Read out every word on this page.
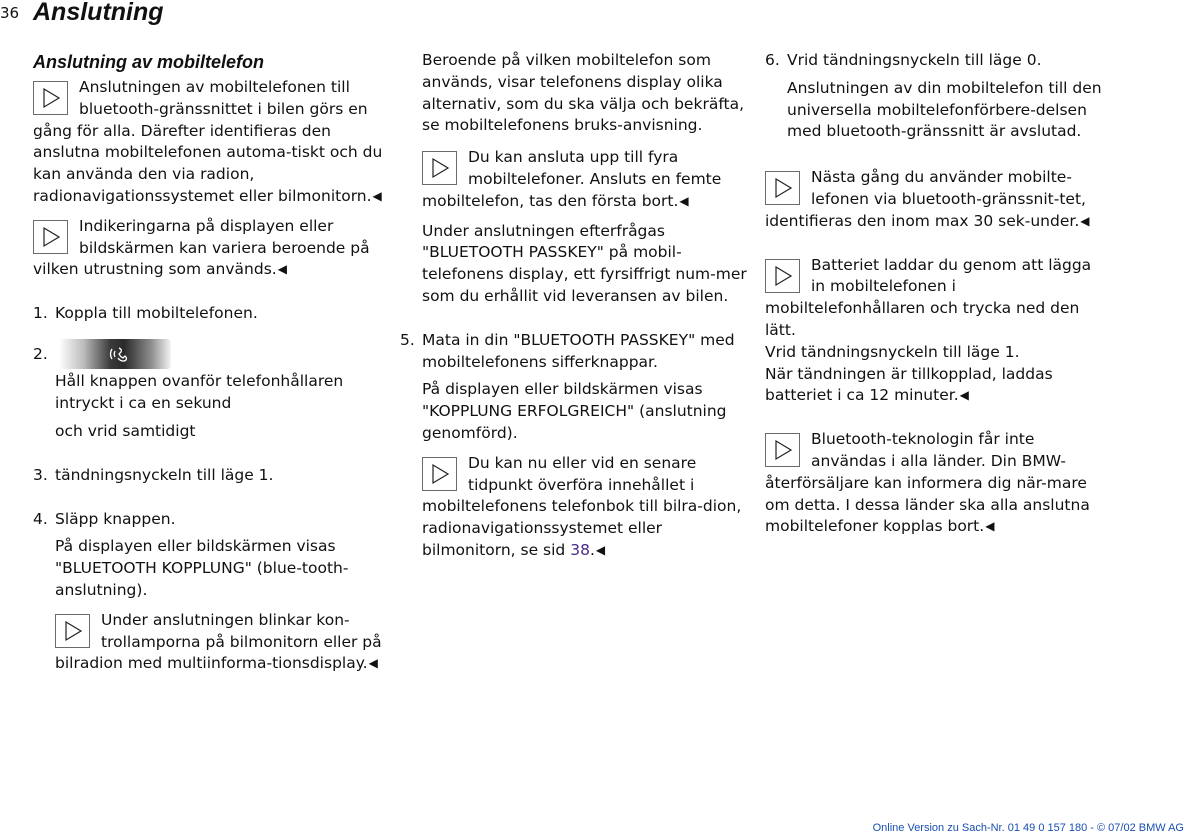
36 Anslutning
Anslutning av mobiltelefon
Anslutningen av mobiltelefonen till bluetooth-gränssnittet i bilen görs en gång för alla. Därefter identifieras den anslutna mobiltelefonen automa-tiskt och du kan använda den via radion, radionavigationssystemet eller bilmonitorn.◀
Indikeringarna på displayen eller bildskärmen kan variera beroende på vilken utrustning som används.◀
1. Koppla till mobiltelefonen.
2.

Håll knappen ovanför telefonhållaren intryckt i ca en sekund

och vrid samtidigt

3. tändningsnyckeln till läge 1.
4. Släpp knappen.

På displayen eller bildskärmen visas "BLUETOOTH KOPPLUNG" (blue-tooth-anslutning).

Under anslutningen blinkar kon-trollamporna på bilmonitorn eller på bilradion med multiinforma-tionsdisplay.◀

Beroende på vilken mobiltelefon som används, visar telefonens display olika alternativ, som du ska välja och bekräfta, se mobiltelefonens bruks-anvisning.

Du kan ansluta upp till fyra mobiltelefoner. Ansluts en femte mobiltelefon, tas den första bort.◀

Under anslutningen efterfrågas "BLUETOOTH PASSKEY" på mobil-telefonens display, ett fyrsiffrigt num-mer som du erhållit vid leveransen av bilen.

5. Mata in din "BLUETOOTH PASSKEY" med mobiltelefonens sifferknappar.

På displayen eller bildskärmen visas "KOPPLUNG ERFOLGREICH" (anslutning genomförd).

Du kan nu eller vid en senare tidpunkt överföra innehållet i mobiltelefonens telefonbok till bilra-dion, radionavigationssystemet eller bilmonitorn, se sid 38.◀
6. Vrid tändningsnyckeln till läge 0.

Anslutningen av din mobiltelefon till den universella mobiltelefonförbere-delsen med bluetooth-gränssnitt är avslutad.

Nästa gång du använder mobilte-lefonen via bluetooth-gränssnit-tet, identifieras den inom max 30 sek-under.◀
Batteriet laddar du genom att lägga in mobiltelefonen i mobiltelefonhållaren och trycka ned den lätt.
Vrid tändningsnyckeln till läge 1.
När tändningen är tillkopplad, laddas batteriet i ca 12 minuter.◀
Bluetooth-teknologin får inte användas i alla länder. Din BMW-återförsäljare kan informera dig när-mare om detta. I dessa länder ska alla anslutna mobiltelefoner kopplas bort.◀
Online Version zu Sach-Nr. 01 49 0 157 180 - © 07/02 BMW AG
